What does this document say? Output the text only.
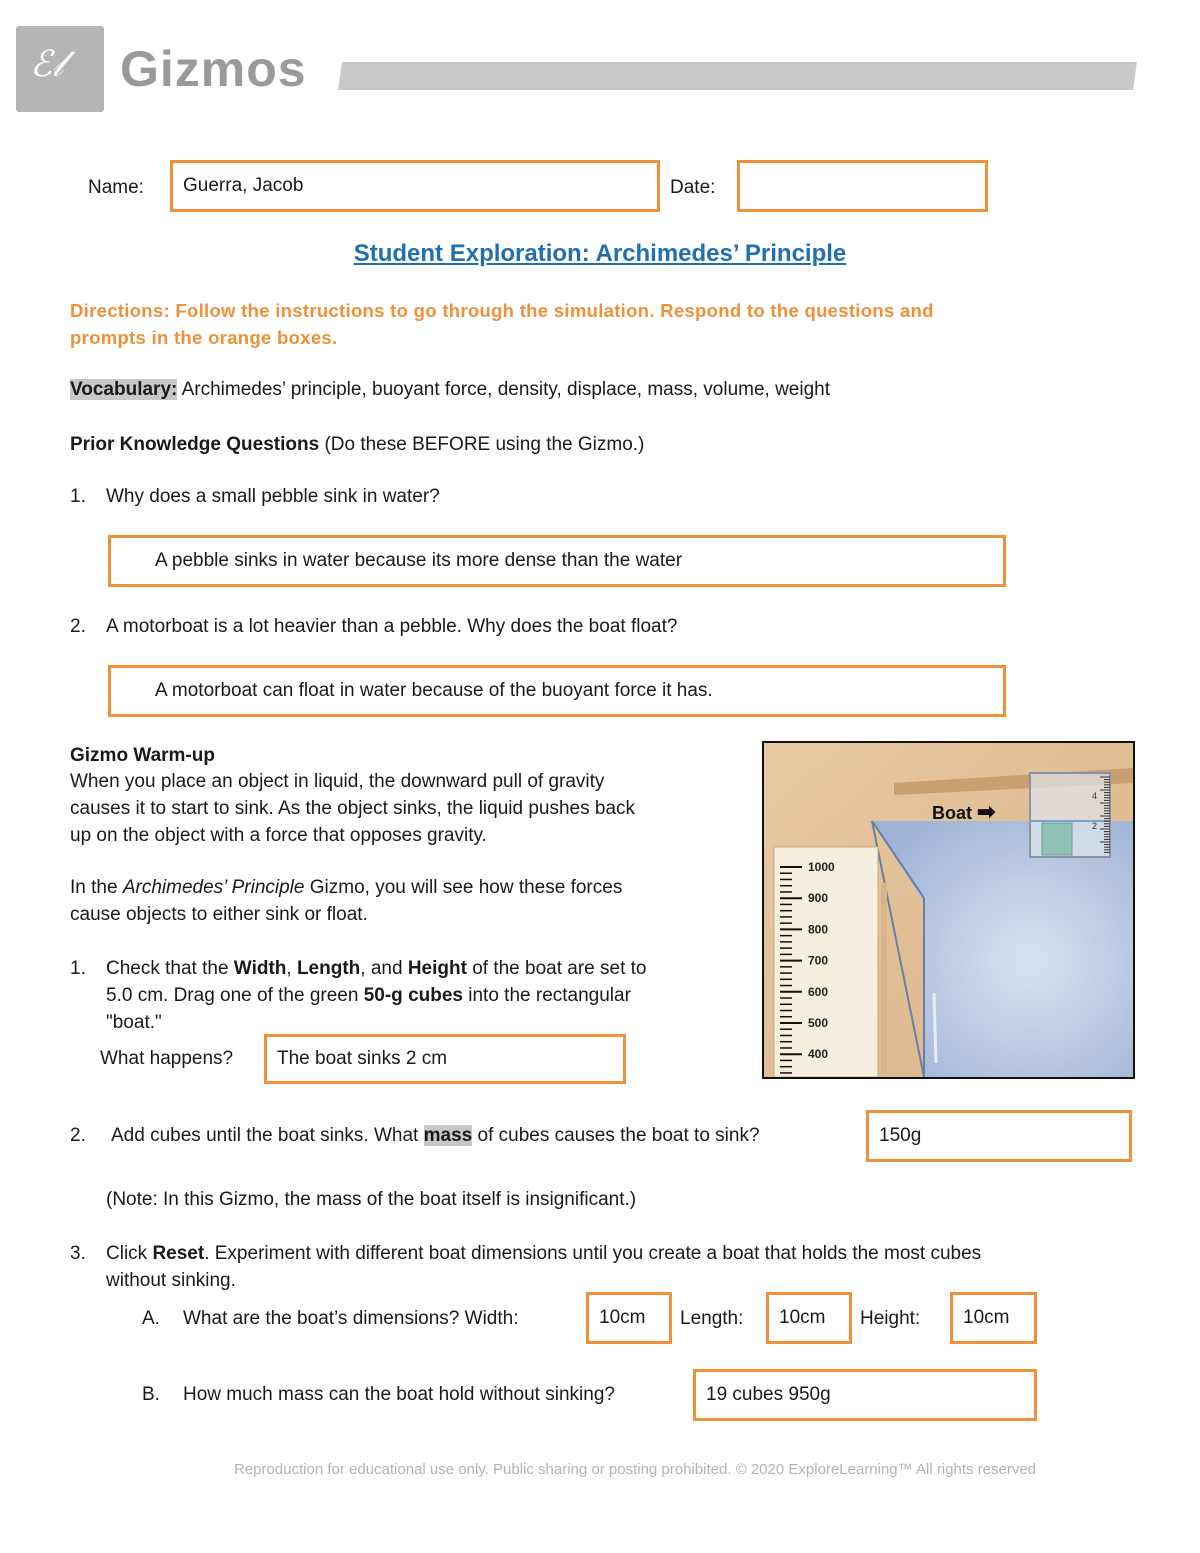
ℰ𝓁 Gizmos
Name: Guerra, Jacob	Date:
Student Exploration: Archimedes’ Principle
Directions: Follow the instructions to go through the simulation. Respond to the questions and
prompts in the orange boxes.
Vocabulary: Archimedes’ principle, buoyant force, density, displace, mass, volume, weight
Prior Knowledge Questions (Do these BEFORE using the Gizmo.)
1. Why does a small pebble sink in water?
A pebble sinks in water because its more dense than the water
2. A motorboat is a lot heavier than a pebble. Why does the boat float?
A motorboat can float in water because of the buoyant force it has.
Gizmo Warm-up
When you place an object in liquid, the downward pull of gravity
causes it to start to sink. As the object sinks, the liquid pushes back
up on the object with a force that opposes gravity.
In the Archimedes’ Principle Gizmo, you will see how these forces
cause objects to either sink or float.
1. Check that the Width, Length, and Height of the boat are set to
5.0 cm. Drag one of the green 50-g cubes into the rectangular
"boat."
What happens? The boat sinks 2 cm
1000
900
800
700
600
500
400
4
2
Boat ➡
2. Add cubes until the boat sinks. What mass of cubes causes the boat to sink?	150g
(Note: In this Gizmo, the mass of the boat itself is insignificant.)
3. Click Reset. Experiment with different boat dimensions until you create a boat that holds the most cubes
without sinking.
A. What are the boat’s dimensions? Width:	10cm Length: 10cm Height: 10cm
B. How much mass can the boat hold without sinking?	19 cubes 950g
Reproduction for educational use only. Public sharing or posting prohibited. © 2020 ExploreLearning™ All rights reserved
